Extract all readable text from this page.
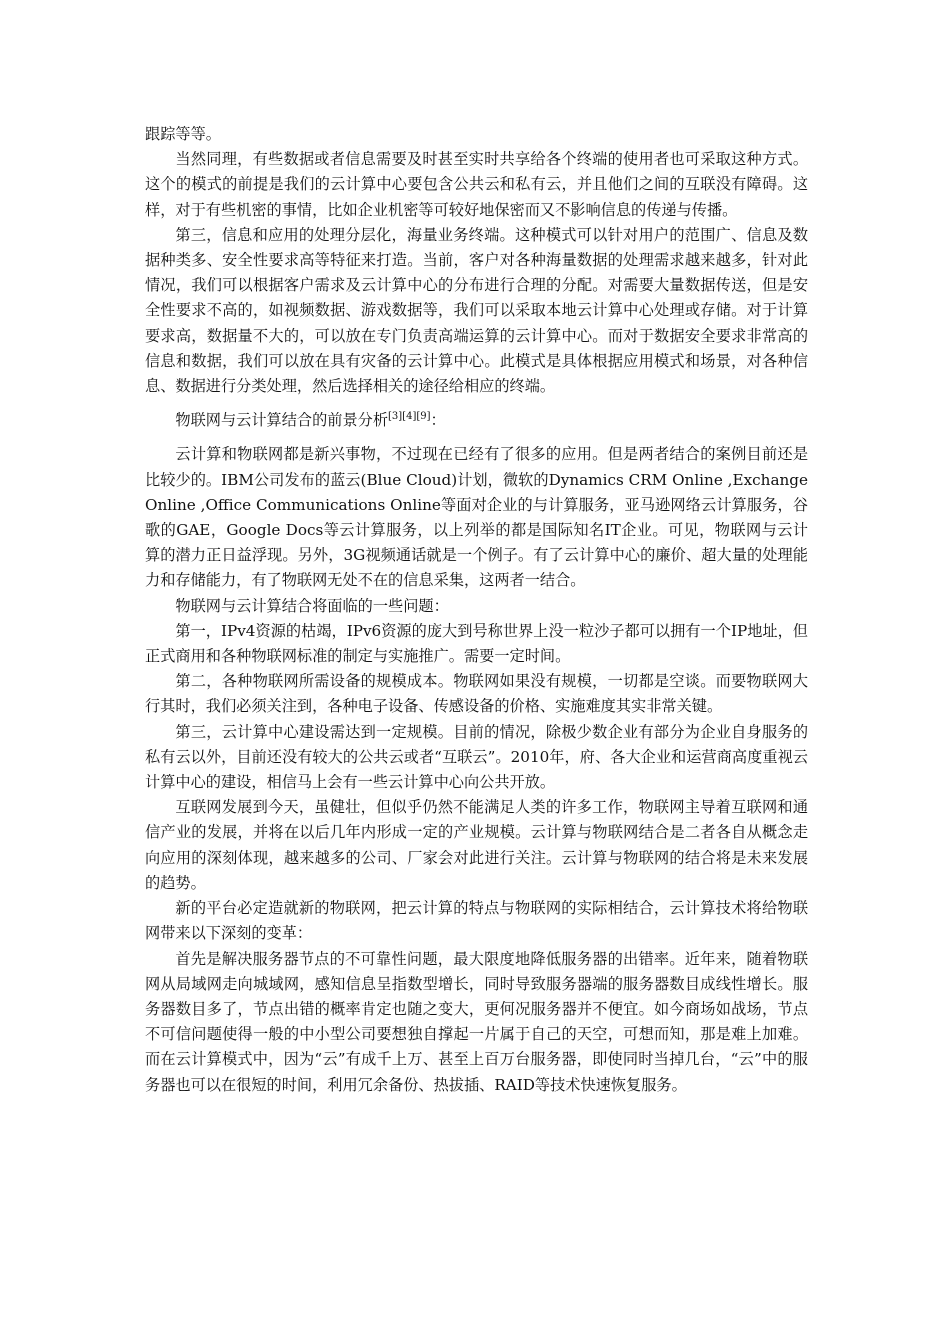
跟踪等等。

当然同理，有些数据或者信息需要及时甚至实时共享给各个终端的使用者也可采取这种方式。这个的模式的前提是我们的云计算中心要包含公共云和私有云，并且他们之间的互联没有障碍。这样，对于有些机密的事情，比如企业机密等可较好地保密而又不影响信息的传递与传播。

第三，信息和应用的处理分层化，海量业务终端。这种模式可以针对用户的范围广、信息及数据种类多、安全性要求高等特征来打造。当前，客户对各种海量数据的处理需求越来越多，针对此情况，我们可以根据客户需求及云计算中心的分布进行合理的分配。对需要大量数据传送，但是安全性要求不高的，如视频数据、游戏数据等，我们可以采取本地云计算中心处理或存储。对于计算要求高，数据量不大的，可以放在专门负责高端运算的云计算中心。而对于数据安全要求非常高的信息和数据，我们可以放在具有灾备的云计算中心。此模式是具体根据应用模式和场景，对各种信息、数据进行分类处理，然后选择相关的途径给相应的终端。

物联网与云计算结合的前景分析[3][4][9]：

云计算和物联网都是新兴事物，不过现在已经有了很多的应用。但是两者结合的案例目前还是比较少的。IBM公司发布的蓝云(Blue Cloud)计划，微软的Dynamics CRM Online ,Exchange Online ,Office Communications Online等面对企业的与计算服务，亚马逊网络云计算服务，谷歌的GAE，Google Docs等云计算服务，以上列举的都是国际知名IT企业。可见，物联网与云计算的潜力正日益浮现。另外，3G视频通话就是一个例子。有了云计算中心的廉价、超大量的处理能力和存储能力，有了物联网无处不在的信息采集，这两者一结合。

物联网与云计算结合将面临的一些问题：

第一，IPv4资源的枯竭，IPv6资源的庞大到号称世界上没一粒沙子都可以拥有一个IP地址，但正式商用和各种物联网标准的制定与实施推广。需要一定时间。

第二，各种物联网所需设备的规模成本。物联网如果没有规模，一切都是空谈。而要物联网大行其时，我们必须关注到，各种电子设备、传感设备的价格、实施难度其实非常关键。

第三，云计算中心建设需达到一定规模。目前的情况，除极少数企业有部分为企业自身服务的私有云以外，目前还没有较大的公共云或者“互联云”。2010年，府、各大企业和运营商高度重视云计算中心的建设，相信马上会有一些云计算中心向公共开放。

互联网发展到今天，虽健壮，但似乎仍然不能满足人类的许多工作，物联网主导着互联网和通信产业的发展，并将在以后几年内形成一定的产业规模。云计算与物联网结合是二者各自从概念走向应用的深刻体现，越来越多的公司、厂家会对此进行关注。云计算与物联网的结合将是未来发展的趋势。

新的平台必定造就新的物联网，把云计算的特点与物联网的实际相结合，云计算技术将给物联网带来以下深刻的变革：

首先是解决服务器节点的不可靠性问题，最大限度地降低服务器的出错率。近年来，随着物联网从局域网走向城域网，感知信息呈指数型增长，同时导致服务器端的服务器数目成线性增长。服务器数目多了，节点出错的概率肯定也随之变大，更何况服务器并不便宜。如今商场如战场，节点不可信问题使得一般的中小型公司要想独自撑起一片属于自己的天空，可想而知，那是难上加难。而在云计算模式中，因为“云”有成千上万、甚至上百万台服务器，即使同时当掉几台，“云”中的服务器也可以在很短的时间，利用冗余备份、热拔插、RAID等技术快速恢复服务。
